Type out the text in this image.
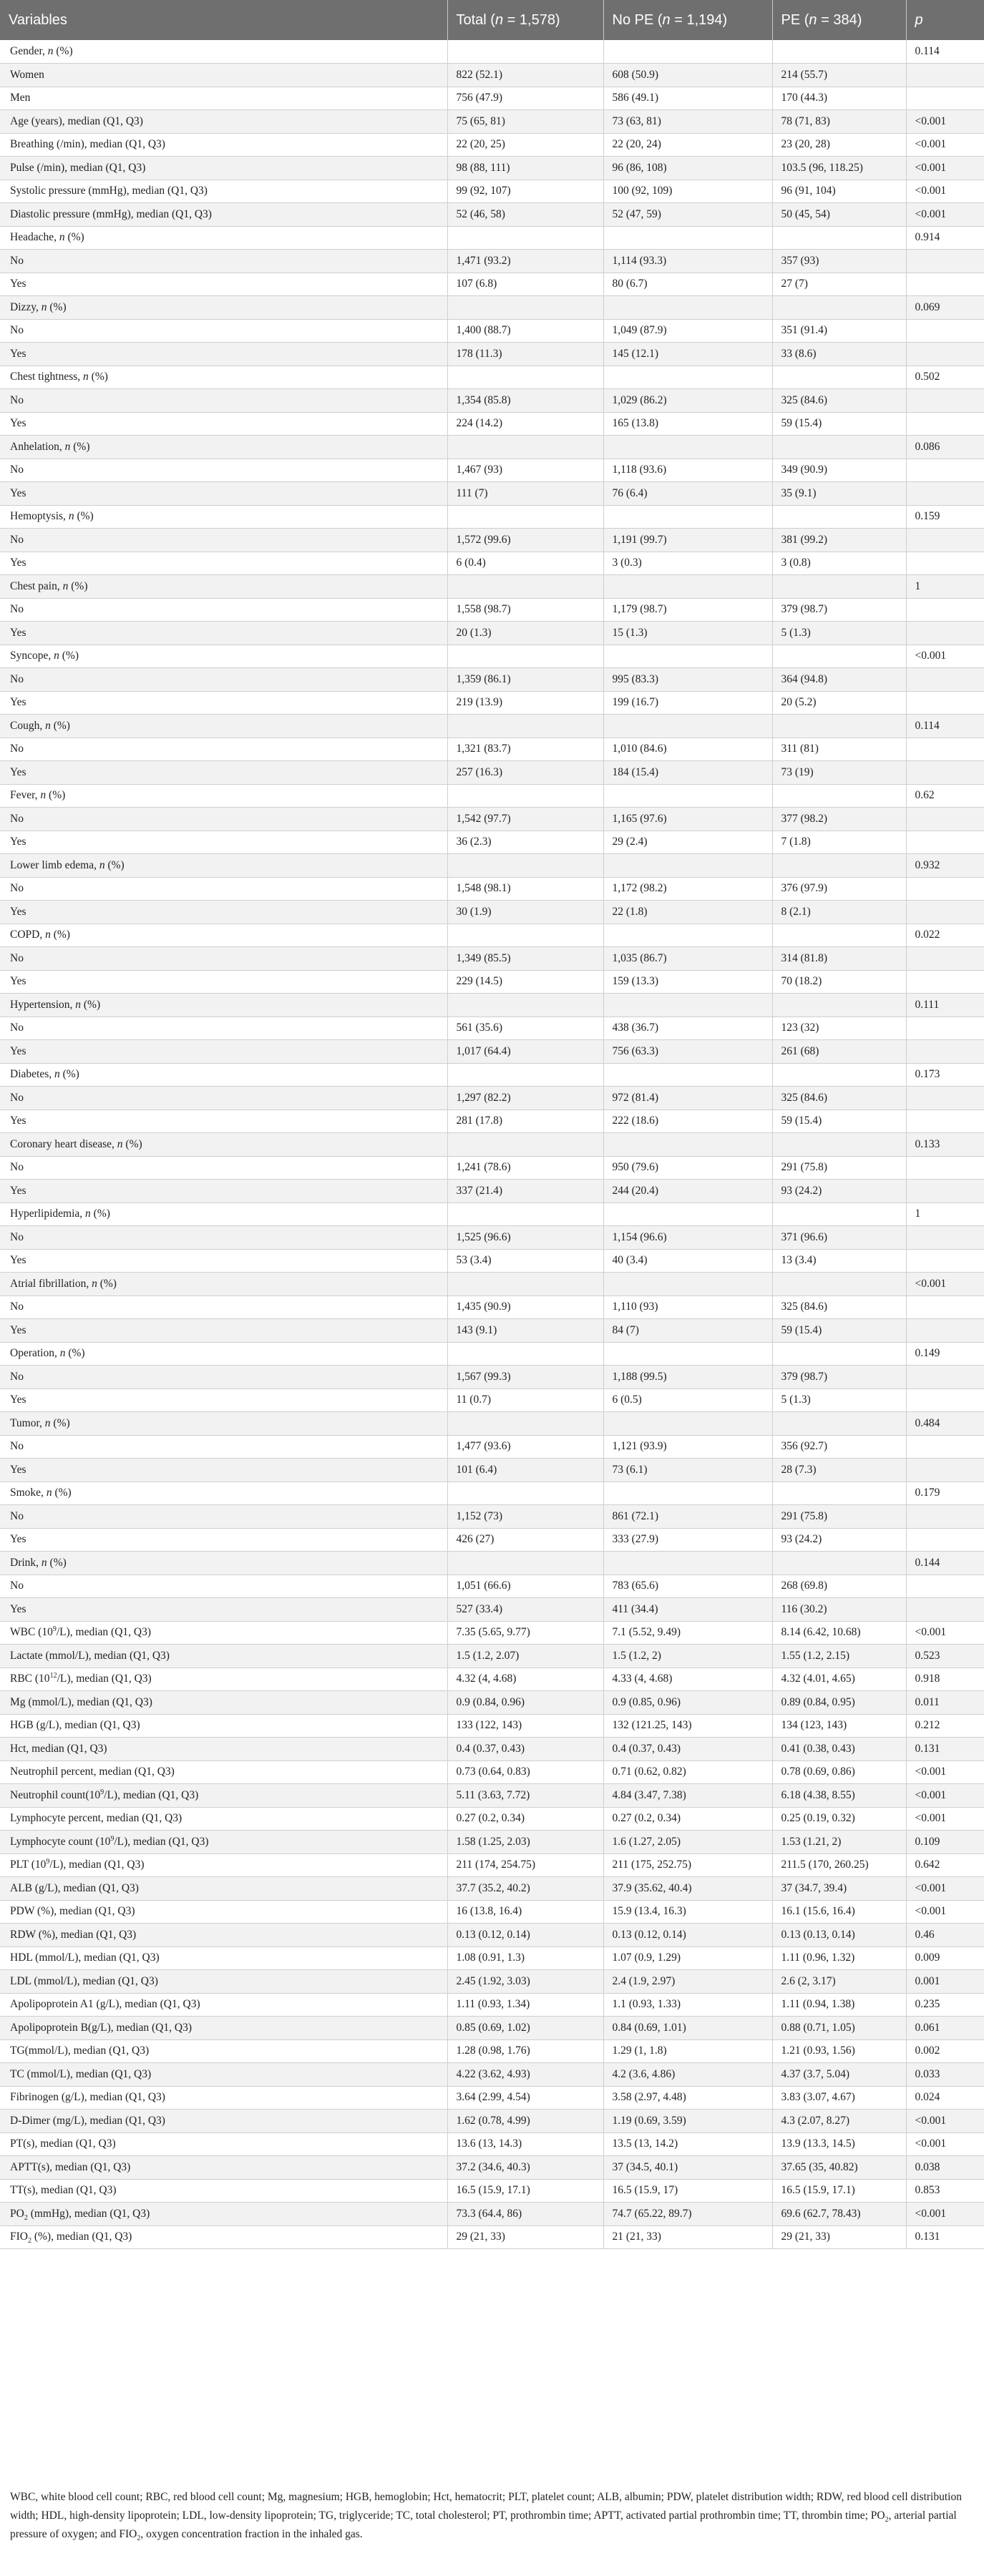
Variables	Total (n = 1,578)	No PE (n = 1,194)	PE (n = 384)	p
Gender, n (%)				0.114
Women	822 (52.1)	608 (50.9)	214 (55.7)	
Men	756 (47.9)	586 (49.1)	170 (44.3)	
Age (years), median (Q1, Q3)	75 (65, 81)	73 (63, 81)	78 (71, 83)	<0.001
Breathing (/min), median (Q1, Q3)	22 (20, 25)	22 (20, 24)	23 (20, 28)	<0.001
Pulse (/min), median (Q1, Q3)	98 (88, 111)	96 (86, 108)	103.5 (96, 118.25)	<0.001
Systolic pressure (mmHg), median (Q1, Q3)	99 (92, 107)	100 (92, 109)	96 (91, 104)	<0.001
Diastolic pressure (mmHg), median (Q1, Q3)	52 (46, 58)	52 (47, 59)	50 (45, 54)	<0.001
Headache, n (%)				0.914
No	1,471 (93.2)	1,114 (93.3)	357 (93)	
Yes	107 (6.8)	80 (6.7)	27 (7)	
Dizzy, n (%)				0.069
No	1,400 (88.7)	1,049 (87.9)	351 (91.4)	
Yes	178 (11.3)	145 (12.1)	33 (8.6)	
Chest tightness, n (%)				0.502
No	1,354 (85.8)	1,029 (86.2)	325 (84.6)	
Yes	224 (14.2)	165 (13.8)	59 (15.4)	
Anhelation, n (%)				0.086
No	1,467 (93)	1,118 (93.6)	349 (90.9)	
Yes	111 (7)	76 (6.4)	35 (9.1)	
Hemoptysis, n (%)				0.159
No	1,572 (99.6)	1,191 (99.7)	381 (99.2)	
Yes	6 (0.4)	3 (0.3)	3 (0.8)	
Chest pain, n (%)				1
No	1,558 (98.7)	1,179 (98.7)	379 (98.7)	
Yes	20 (1.3)	15 (1.3)	5 (1.3)	
Syncope, n (%)				<0.001
No	1,359 (86.1)	995 (83.3)	364 (94.8)	
Yes	219 (13.9)	199 (16.7)	20 (5.2)	
Cough, n (%)				0.114
No	1,321 (83.7)	1,010 (84.6)	311 (81)	
Yes	257 (16.3)	184 (15.4)	73 (19)	
Fever, n (%)				0.62
No	1,542 (97.7)	1,165 (97.6)	377 (98.2)	
Yes	36 (2.3)	29 (2.4)	7 (1.8)	
Lower limb edema, n (%)				0.932
No	1,548 (98.1)	1,172 (98.2)	376 (97.9)	
Yes	30 (1.9)	22 (1.8)	8 (2.1)	
COPD, n (%)				0.022
No	1,349 (85.5)	1,035 (86.7)	314 (81.8)	
Yes	229 (14.5)	159 (13.3)	70 (18.2)	
Hypertension, n (%)				0.111
No	561 (35.6)	438 (36.7)	123 (32)	
Yes	1,017 (64.4)	756 (63.3)	261 (68)	
Diabetes, n (%)				0.173
No	1,297 (82.2)	972 (81.4)	325 (84.6)	
Yes	281 (17.8)	222 (18.6)	59 (15.4)	
Coronary heart disease, n (%)				0.133
No	1,241 (78.6)	950 (79.6)	291 (75.8)	
Yes	337 (21.4)	244 (20.4)	93 (24.2)	
Hyperlipidemia, n (%)				1
No	1,525 (96.6)	1,154 (96.6)	371 (96.6)	
Yes	53 (3.4)	40 (3.4)	13 (3.4)	
Atrial fibrillation, n (%)				<0.001
No	1,435 (90.9)	1,110 (93)	325 (84.6)	
Yes	143 (9.1)	84 (7)	59 (15.4)	
Operation, n (%)				0.149
No	1,567 (99.3)	1,188 (99.5)	379 (98.7)	
Yes	11 (0.7)	6 (0.5)	5 (1.3)	
Tumor, n (%)				0.484
No	1,477 (93.6)	1,121 (93.9)	356 (92.7)	
Yes	101 (6.4)	73 (6.1)	28 (7.3)	
Smoke, n (%)				0.179
No	1,152 (73)	861 (72.1)	291 (75.8)	
Yes	426 (27)	333 (27.9)	93 (24.2)	
Drink, n (%)				0.144
No	1,051 (66.6)	783 (65.6)	268 (69.8)	
Yes	527 (33.4)	411 (34.4)	116 (30.2)	
WBC $(10^9/L)$, median (Q1, Q3)	7.35 (5.65, 9.77)	7.1 (5.52, 9.49)	8.14 (6.42, 10.68)	<0.001
Lactate (mmol/L), median (Q1, Q3)	1.5 (1.2, 2.07)	1.5 (1.2, 2)	1.55 (1.2, 2.15)	0.523
RBC $(10^{12}/L)$, median (Q1, Q3)	4.32 (4, 4.68)	4.33 (4, 4.68)	4.32 (4.01, 4.65)	0.918
Mg (mmol/L), median (Q1, Q3)	0.9 (0.84, 0.96)	0.9 (0.85, 0.96)	0.89 (0.84, 0.95)	0.011
HGB (g/L), median (Q1, Q3)	133 (122, 143)	132 (121.25, 143)	134 (123, 143)	0.212
Hct, median (Q1, Q3)	0.4 (0.37, 0.43)	0.4 (0.37, 0.43)	0.41 (0.38, 0.43)	0.131
Neutrophil percent, median (Q1, Q3)	0.73 (0.64, 0.83)	0.71 (0.62, 0.82)	0.78 (0.69, 0.86)	<0.001
Neutrophil $count(10^9/L)$, median (Q1, Q3)	5.11 (3.63, 7.72)	4.84 (3.47, 7.38)	6.18 (4.38, 8.55)	<0.001
Lymphocyte percent, median (Q1, Q3)	0.27 (0.2, 0.34)	0.27 (0.2, 0.34)	0.25 (0.19, 0.32)	<0.001
Lymphocyte count $(10^9/L)$, median (Q1, Q3)	1.58 (1.25, 2.03)	1.6 (1.27, 2.05)	1.53 (1.21, 2)	0.109
PLT $(10^9/L)$, median (Q1, Q3)	211 (174, 254.75)	211 (175, 252.75)	211.5 (170, 260.25)	0.642
ALB (g/L), median (Q1, Q3)	37.7 (35.2, 40.2)	37.9 (35.62, 40.4)	37 (34.7, 39.4)	<0.001
PDW (%), median (Q1, Q3)	16 (13.8, 16.4)	15.9 (13.4, 16.3)	16.1 (15.6, 16.4)	<0.001
RDW (%), median (Q1, Q3)	0.13 (0.12, 0.14)	0.13 (0.12, 0.14)	0.13 (0.13, 0.14)	0.46
HDL (mmol/L), median (Q1, Q3)	1.08 (0.91, 1.3)	1.07 (0.9, 1.29)	1.11 (0.96, 1.32)	0.009
LDL (mmol/L), median (Q1, Q3)	2.45 (1.92, 3.03)	2.4 (1.9, 2.97)	2.6 (2, 3.17)	0.001
Apolipoprotein A1 (g/L), median (Q1, Q3)	1.11 (0.93, 1.34)	1.1 (0.93, 1.33)	1.11 (0.94, 1.38)	0.235
Apolipoprotein B(g/L), median (Q1, Q3)	0.85 (0.69, 1.02)	0.84 (0.69, 1.01)	0.88 (0.71, 1.05)	0.061
TG(mmol/L), median (Q1, Q3)	1.28 (0.98, 1.76)	1.29 (1, 1.8)	1.21 (0.93, 1.56)	0.002
TC (mmol/L), median (Q1, Q3)	4.22 (3.62, 4.93)	4.2 (3.6, 4.86)	4.37 (3.7, 5.04)	0.033
Fibrinogen (g/L), median (Q1, Q3)	3.64 (2.99, 4.54)	3.58 (2.97, 4.48)	3.83 (3.07, 4.67)	0.024
D-Dimer (mg/L), median (Q1, Q3)	1.62 (0.78, 4.99)	1.19 (0.69, 3.59)	4.3 (2.07, 8.27)	<0.001
PT(s), median (Q1, Q3)	13.6 (13, 14.3)	13.5 (13, 14.2)	13.9 (13.3, 14.5)	<0.001
APTT(s), median (Q1, Q3)	37.2 (34.6, 40.3)	37 (34.5, 40.1)	37.65 (35, 40.82)	0.038
TT(s), median (Q1, Q3)	16.5 (15.9, 17.1)	16.5 (15.9, 17)	16.5 (15.9, 17.1)	0.853
$PO_2$ (mmHg), median (Q1, Q3)	73.3 (64.4, 86)	74.7 (65.22, 89.7)	69.6 (62.7, 78.43)	<0.001
$FIO_2$ (%), median (Q1, Q3)	29 (21, 33)	21 (21, 33)	29 (21, 33)	0.131
WBC, white blood cell count; RBC, red blood cell count; Mg, magnesium; HGB, hemoglobin; Hct, hematocrit; PLT, platelet count; ALB, albumin; PDW, platelet distribution width; RDW, red blood cell distribution width; HDL, high-density lipoprotein; LDL, low-density lipoprotein; TG, triglyceride; TC, total cholesterol; PT, prothrombin time; APTT, activated partial prothrombin time; TT, thrombin time; $PO_2$, arterial partial pressure of oxygen; and $FIO_2$, oxygen concentration fraction in the inhaled gas.
